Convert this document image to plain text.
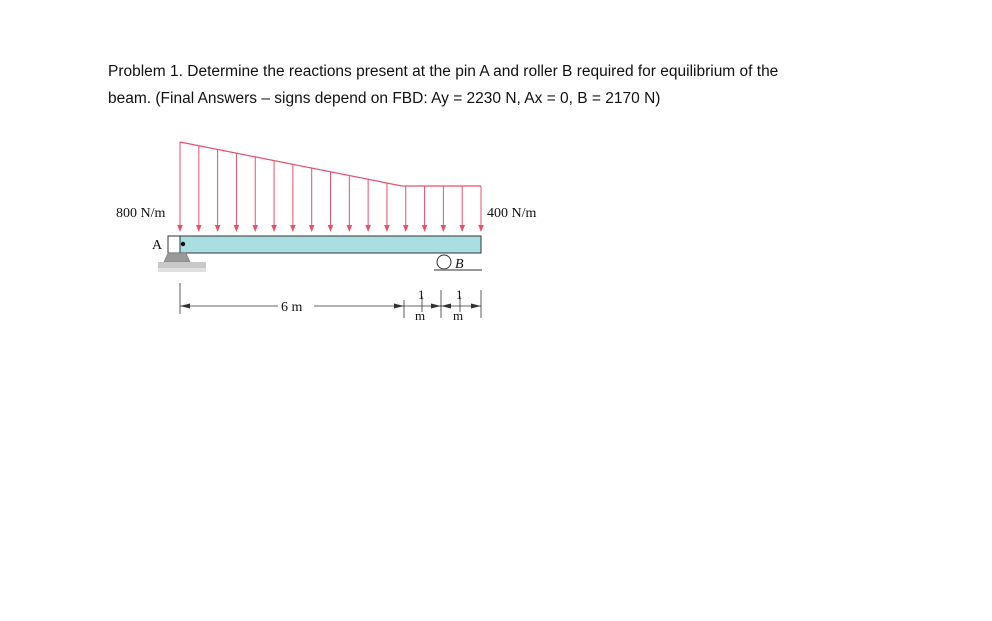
Problem 1. Determine the reactions present at the pin A and roller B required for equilibrium of the

beam. (Final Answers – signs depend on FBD: Ay = 2230 N, Ax = 0, B = 2170 N)

800 N/m	400 N/m
A
B
6 m
1
m
1
m
